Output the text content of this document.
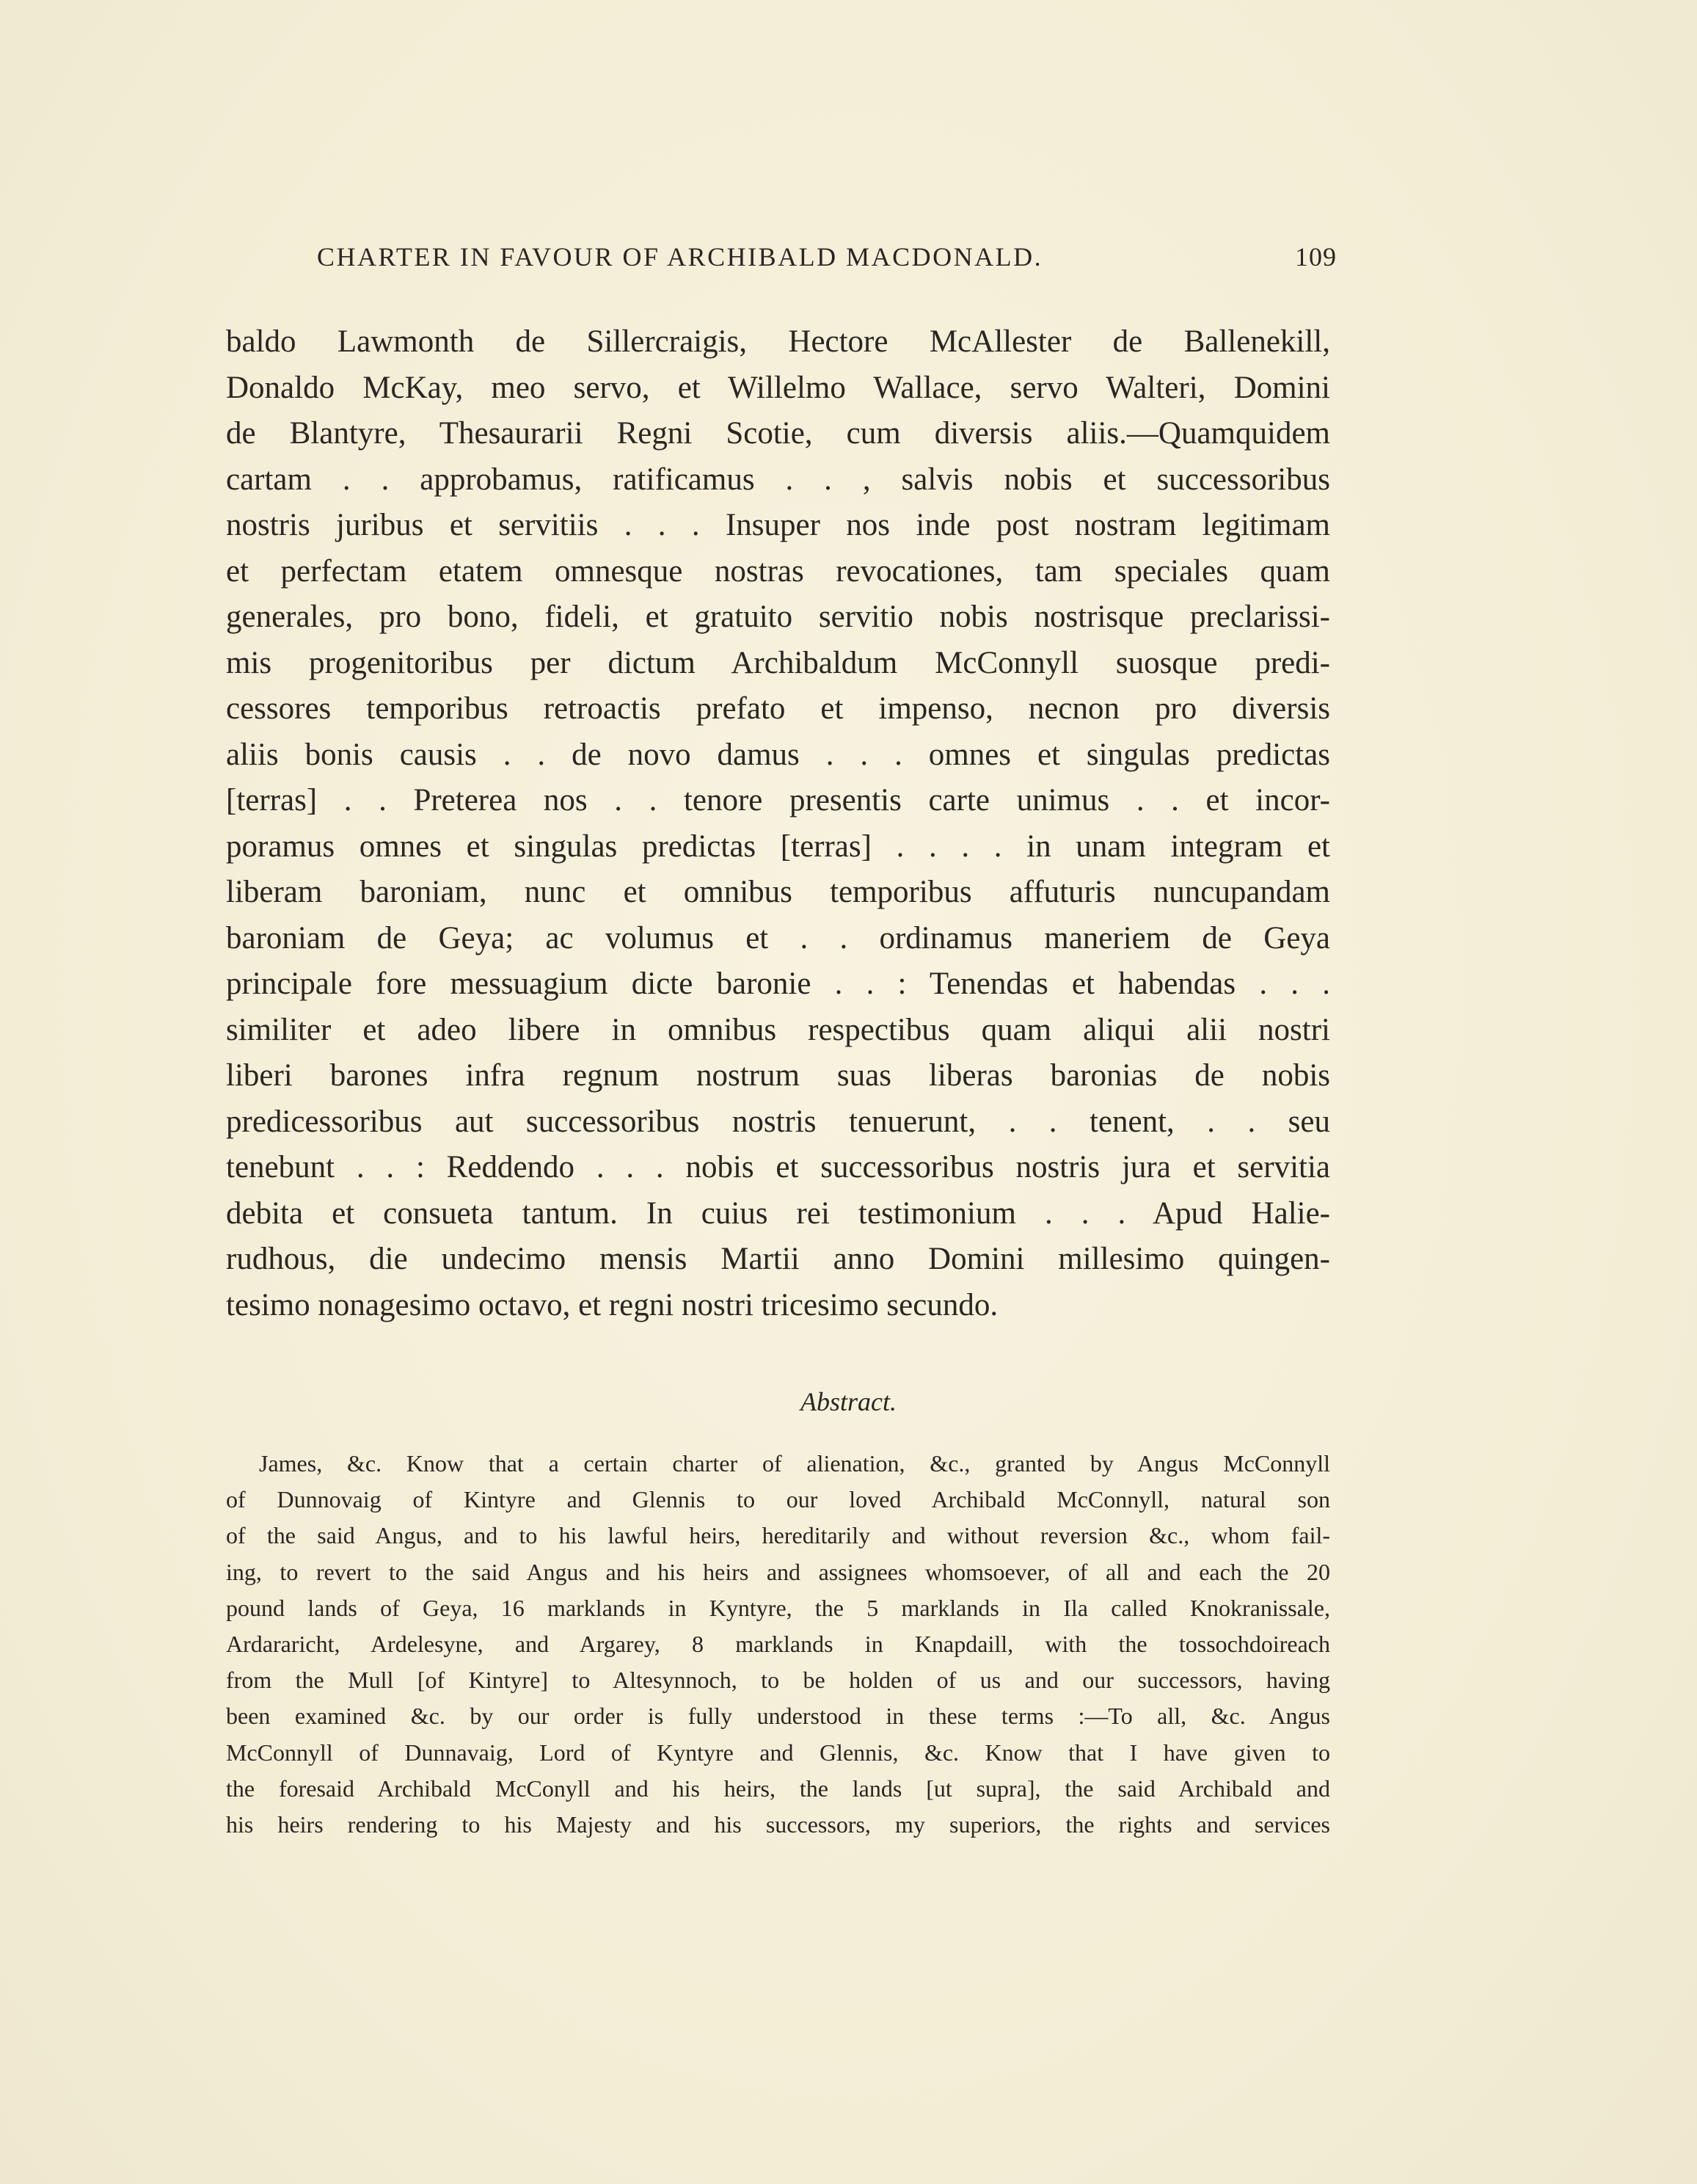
CHARTER IN FAVOUR OF ARCHIBALD MACDONALD.	109
baldo Lawmonth de Sillercraigis, Hectore McAllester de Ballenekill,
Donaldo McKay, meo servo, et Willelmo Wallace, servo Walteri, Domini
de Blantyre, Thesaurarii Regni Scotie, cum diversis aliis.—Quamquidem
cartam . . approbamus, ratificamus . . , salvis nobis et successoribus
nostris juribus et servitiis . . . Insuper nos inde post nostram legitimam
et perfectam etatem omnesque nostras revocationes, tam speciales quam
generales, pro bono, fideli, et gratuito servitio nobis nostrisque preclarissi-
mis progenitoribus per dictum Archibaldum McConnyll suosque predi-
cessores temporibus retroactis prefato et impenso, necnon pro diversis
aliis bonis causis . . de novo damus . . . omnes et singulas predictas
[terras] . . Preterea nos . . tenore presentis carte unimus . . et incor-
poramus omnes et singulas predictas [terras] . . . . in unam integram et
liberam baroniam, nunc et omnibus temporibus affuturis nuncupandam
baroniam de Geya; ac volumus et . . ordinamus maneriem de Geya
principale fore messuagium dicte baronie . . : Tenendas et habendas . . .
similiter et adeo libere in omnibus respectibus quam aliqui alii nostri
liberi barones infra regnum nostrum suas liberas baronias de nobis
predicessoribus aut successoribus nostris tenuerunt, . . tenent, . . seu
tenebunt . . : Reddendo . . . nobis et successoribus nostris jura et servitia
debita et consueta tantum. In cuius rei testimonium . . . Apud Halie-
rudhous, die undecimo mensis Martii anno Domini millesimo quingen-
tesimo nonagesimo octavo, et regni nostri tricesimo secundo.
Abstract.
James, &c. Know that a certain charter of alienation, &c., granted by Angus McConnyll
of Dunnovaig of Kintyre and Glennis to our loved Archibald McConnyll, natural son
of the said Angus, and to his lawful heirs, hereditarily and without reversion &c., whom fail-
ing, to revert to the said Angus and his heirs and assignees whomsoever, of all and each the 20
pound lands of Geya, 16 marklands in Kyntyre, the 5 marklands in Ila called Knokranissale,
Ardararicht, Ardelesyne, and Argarey, 8 marklands in Knapdaill, with the tossochdoireach
from the Mull [of Kintyre] to Altesynnoch, to be holden of us and our successors, having
been examined &c. by our order is fully understood in these terms :—To all, &c. Angus
McConnyll of Dunnavaig, Lord of Kyntyre and Glennis, &c. Know that I have given to
the foresaid Archibald McConyll and his heirs, the lands [ut supra], the said Archibald and
his heirs rendering to his Majesty and his successors, my superiors, the rights and services
